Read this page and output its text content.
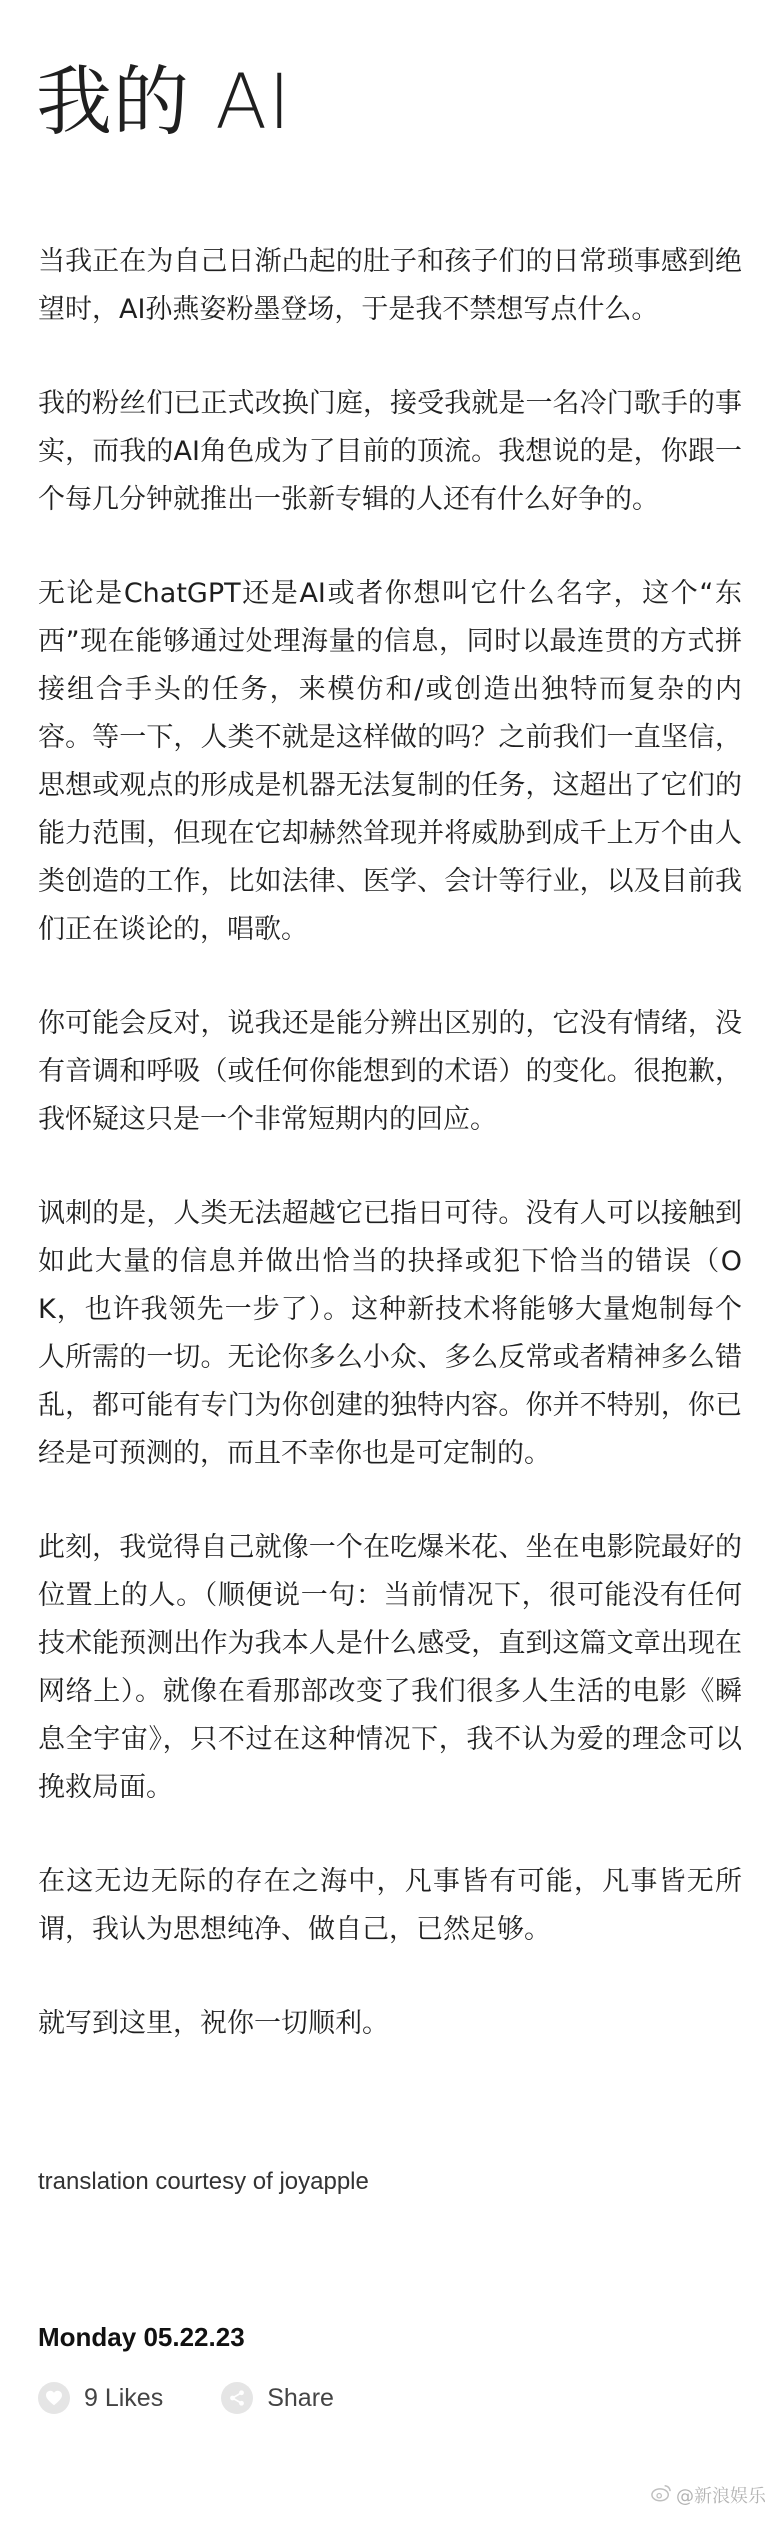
我的 AI

当我正在为自己日渐凸起的肚子和孩子们的日常琐事感到绝望时，AI孙燕姿粉墨登场，于是我不禁想写点什么。

我的粉丝们已正式改换门庭，接受我就是一名冷门歌手的事实，而我的AI角色成为了目前的顶流。我想说的是，你跟一个每几分钟就推出一张新专辑的人还有什么好争的。

无论是ChatGPT还是AI或者你想叫它什么名字，这个“东西”现在能够通过处理海量的信息，同时以最连贯的方式拼接组合手头的任务，来模仿和/或创造出独特而复杂的内容。等一下，人类不就是这样做的吗？之前我们一直坚信，思想或观点的形成是机器无法复制的任务，这超出了它们的能力范围，但现在它却赫然耸现并将威胁到成千上万个由人类创造的工作，比如法律、医学、会计等行业，以及目前我们正在谈论的，唱歌。

你可能会反对，说我还是能分辨出区别的，它没有情绪，没有音调和呼吸（或任何你能想到的术语）的变化。很抱歉，我怀疑这只是一个非常短期内的回应。

讽刺的是，人类无法超越它已指日可待。没有人可以接触到如此大量的信息并做出恰当的抉择或犯下恰当的错误（OK，也许我领先一步了）。这种新技术将能够大量炮制每个人所需的一切。无论你多么小众、多么反常或者精神多么错乱，都可能有专门为你创建的独特内容。你并不特别，你已经是可预测的，而且不幸你也是可定制的。

此刻，我觉得自己就像一个在吃爆米花、坐在电影院最好的位置上的人。（顺便说一句：当前情况下，很可能没有任何技术能预测出作为我本人是什么感受，直到这篇文章出现在网络上）。就像在看那部改变了我们很多人生活的电影《瞬息全宇宙》，只不过在这种情况下，我不认为爱的理念可以挽救局面。

在这无边无际的存在之海中，凡事皆有可能，凡事皆无所谓，我认为思想纯净、做自己，已然足够。

就写到这里，祝你一切顺利。

translation courtesy of joyapple
Monday 05.22.23
9 Likes	Share
@新浪娱乐
